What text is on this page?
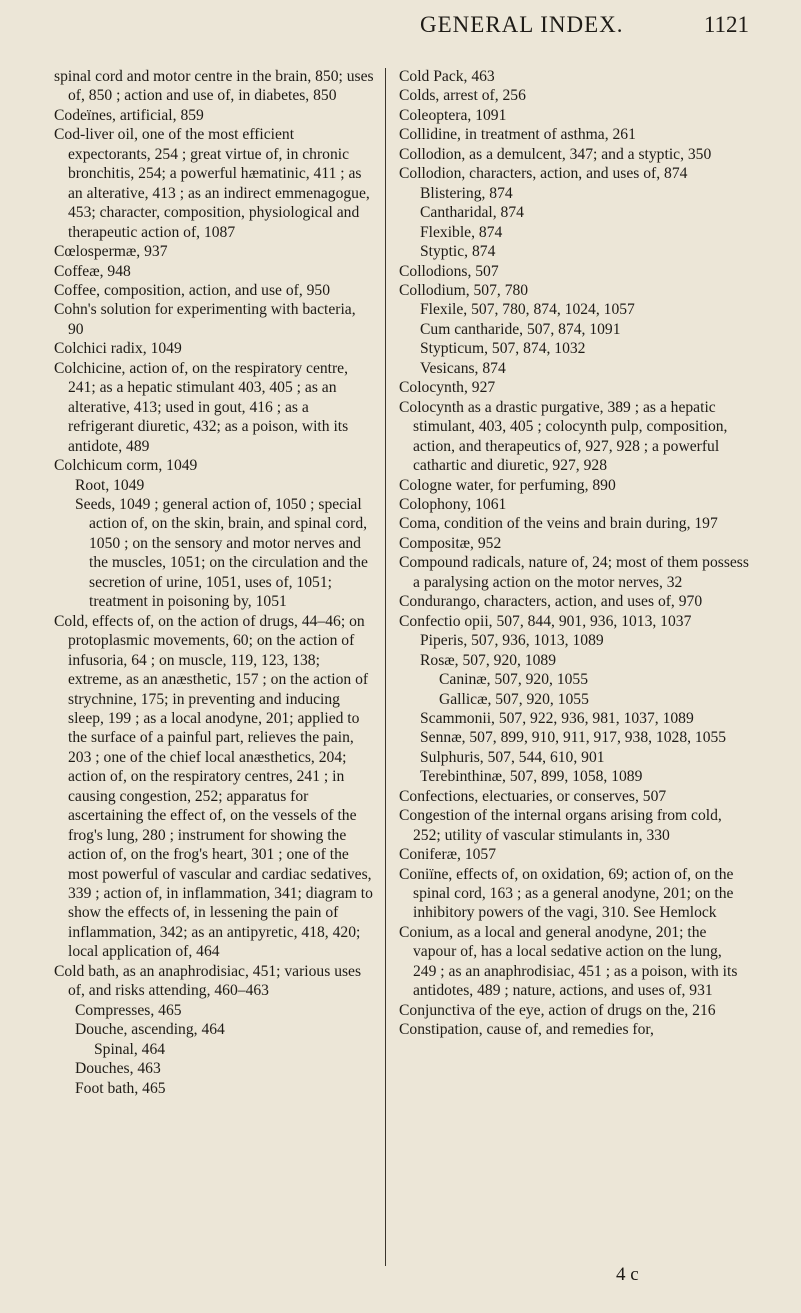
GENERAL INDEX.	1121

spinal cord and motor centre in the brain, 850; uses of, 850 ; action and use of, in diabetes, 850

Codeïnes, artificial, 859

Cod-liver oil, one of the most efficient expectorants, 254 ; great virtue of, in chronic bronchitis, 254; a powerful hæmatinic, 411 ; as an alterative, 413 ; as an indirect emmenagogue, 453; character, composition, physiological and therapeutic action of, 1087

Cœlospermæ, 937

Coffeæ, 948

Coffee, composition, action, and use of, 950

Cohn's solution for experimenting with bacteria, 90

Colchici radix, 1049

Colchicine, action of, on the respiratory centre, 241; as a hepatic stimulant 403, 405 ; as an alterative, 413; used in gout, 416 ; as a refrigerant diuretic, 432; as a poison, with its antidote, 489

Colchicum corm, 1049

Root, 1049

Seeds, 1049 ; general action of, 1050 ; special action of, on the skin, brain, and spinal cord, 1050 ; on the sensory and motor nerves and the muscles, 1051; on the circulation and the secretion of urine, 1051, uses of, 1051; treatment in poisoning by, 1051

Cold, effects of, on the action of drugs, 44–46; on protoplasmic movements, 60; on the action of infusoria, 64 ; on muscle, 119, 123, 138; extreme, as an anæsthetic, 157 ; on the action of strychnine, 175; in preventing and inducing sleep, 199 ; as a local anodyne, 201; applied to the surface of a painful part, relieves the pain, 203 ; one of the chief local anæsthetics, 204; action of, on the respiratory centres, 241 ; in causing congestion, 252; apparatus for ascertaining the effect of, on the vessels of the frog's lung, 280 ; instrument for showing the action of, on the frog's heart, 301 ; one of the most powerful of vascular and cardiac sedatives, 339 ; action of, in inflammation, 341; diagram to show the effects of, in lessening the pain of inflammation, 342; as an antipyretic, 418, 420; local application of, 464

Cold bath, as an anaphrodisiac, 451; various uses of, and risks attending, 460–463

Compresses, 465

Douche, ascending, 464

Spinal, 464

Douches, 463

Foot bath, 465

Cold Pack, 463

Colds, arrest of, 256

Coleoptera, 1091

Collidine, in treatment of asthma, 261

Collodion, as a demulcent, 347; and a styptic, 350

Collodion, characters, action, and uses of, 874

Blistering, 874

Cantharidal, 874

Flexible, 874

Styptic, 874

Collodions, 507

Collodium, 507, 780

Flexile, 507, 780, 874, 1024, 1057

Cum cantharide, 507, 874, 1091

Stypticum, 507, 874, 1032

Vesicans, 874

Colocynth, 927

Colocynth as a drastic purgative, 389 ; as a hepatic stimulant, 403, 405 ; colocynth pulp, composition, action, and therapeutics of, 927, 928 ; a powerful cathartic and diuretic, 927, 928

Cologne water, for perfuming, 890

Colophony, 1061

Coma, condition of the veins and brain during, 197

Compositæ, 952

Compound radicals, nature of, 24; most of them possess a paralysing action on the motor nerves, 32

Condurango, characters, action, and uses of, 970

Confectio opii, 507, 844, 901, 936, 1013, 1037

Piperis, 507, 936, 1013, 1089

Rosæ, 507, 920, 1089

Caninæ, 507, 920, 1055

Gallicæ, 507, 920, 1055

Scammonii, 507, 922, 936, 981, 1037, 1089

Sennæ, 507, 899, 910, 911, 917, 938, 1028, 1055

Sulphuris, 507, 544, 610, 901

Terebinthinæ, 507, 899, 1058, 1089

Confections, electuaries, or conserves, 507

Congestion of the internal organs arising from cold, 252; utility of vascular stimulants in, 330

Coniferæ, 1057

Coniïne, effects of, on oxidation, 69; action of, on the spinal cord, 163 ; as a general anodyne, 201; on the inhibitory powers of the vagi, 310. See Hemlock

Conium, as a local and general anodyne, 201; the vapour of, has a local sedative action on the lung, 249 ; as an anaphrodisiac, 451 ; as a poison, with its antidotes, 489 ; nature, actions, and uses of, 931

Conjunctiva of the eye, action of drugs on the, 216

Constipation, cause of, and remedies for,

4 c
